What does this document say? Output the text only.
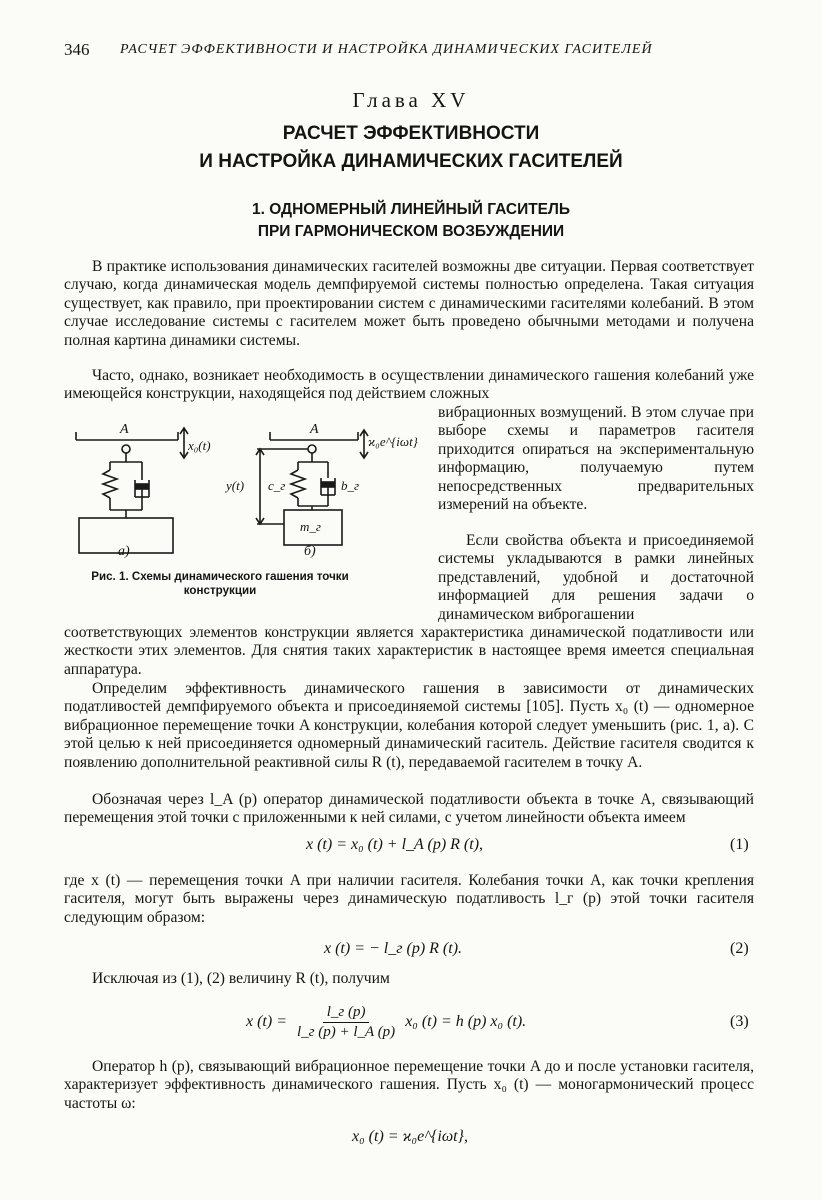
346 РАСЧЕТ ЭФФЕКТИВНОСТИ И НАСТРОЙКА ДИНАМИЧЕСКИХ ГАСИТЕЛЕЙ
Глава XV
РАСЧЕТ ЭФФЕКТИВНОСТИ
И НАСТРОЙКА ДИНАМИЧЕСКИХ ГАСИТЕЛЕЙ
1. ОДНОМЕРНЫЙ ЛИНЕЙНЫЙ ГАСИТЕЛЬ
ПРИ ГАРМОНИЧЕСКОМ ВОЗБУЖДЕНИИ

В практике использования динамических гасителей возможны две ситуации. Первая соответствует случаю, когда динамическая модель демпфируемой системы полностью определена. Такая ситуация существует, как правило, при проектировании систем с динамическими гасителями колебаний. В этом случае исследование системы с гасителем может быть проведено обычными методами и получена полная картина динамики системы.

Часто, однако, возникает необходимость в осуществлении динамического гашения колебаний уже имеющейся конструкции, находящейся под действием сложных

A
x₀(t)
A
ϰ₀e^{iωt}
y(t) c_г	b_г
m_г
а)	б)
Рис. 1. Схемы динамического гашения точки конструкции

вибрационных возмущений. В этом случае при выборе схемы и параметров гасителя приходится опираться на экспериментальную информацию, получаемую путем непосредственных предварительных измерений на объекте.

Если свойства объекта и присоединяемой системы укладываются в рамки линейных представлений, удобной и достаточной информацией для решения задачи о динамическом виброгашении

соответствующих элементов конструкции является характеристика динамической податливости или жесткости этих элементов. Для снятия таких характеристик в настоящее время имеется специальная аппаратура.

Определим эффективность динамического гашения в зависимости от динамических податливостей демпфируемого объекта и присоединяемой системы [105]. Пусть x₀ (t) — одномерное вибрационное перемещение точки A конструкции, колебания которой следует уменьшить (рис. 1, а). С этой целью к ней присоединяется одномерный динамический гаситель. Действие гасителя сводится к появлению дополнительной реактивной силы R (t), передаваемой гасителем в точку A.

Обозначая через l_A (p) оператор динамической податливости объекта в точке A, связывающий перемещения этой точки с приложенными к ней силами, с учетом линейности объекта имеем

x (t) = x₀ (t) + l_A (p) R (t),	(1)

где x (t) — перемещения точки A при наличии гасителя. Колебания точки A, как точки крепления гасителя, могут быть выражены через динамическую податливость l_г (p) этой точки гасителя следующим образом:

x (t) = − l_г (p) R (t).	(2)

Исключая из (1), (2) величину R (t), получим

x (t) =
l_г (p)
l_г (p) + l_A (p)
x₀ (t) = h (p) x₀ (t).	(3)

Оператор h (p), связывающий вибрационное перемещение точки A до и после установки гасителя, характеризует эффективность динамического гашения. Пусть x₀ (t) — моногармонический процесс частоты ω:

x₀ (t) = ϰ₀e^{iωt},
